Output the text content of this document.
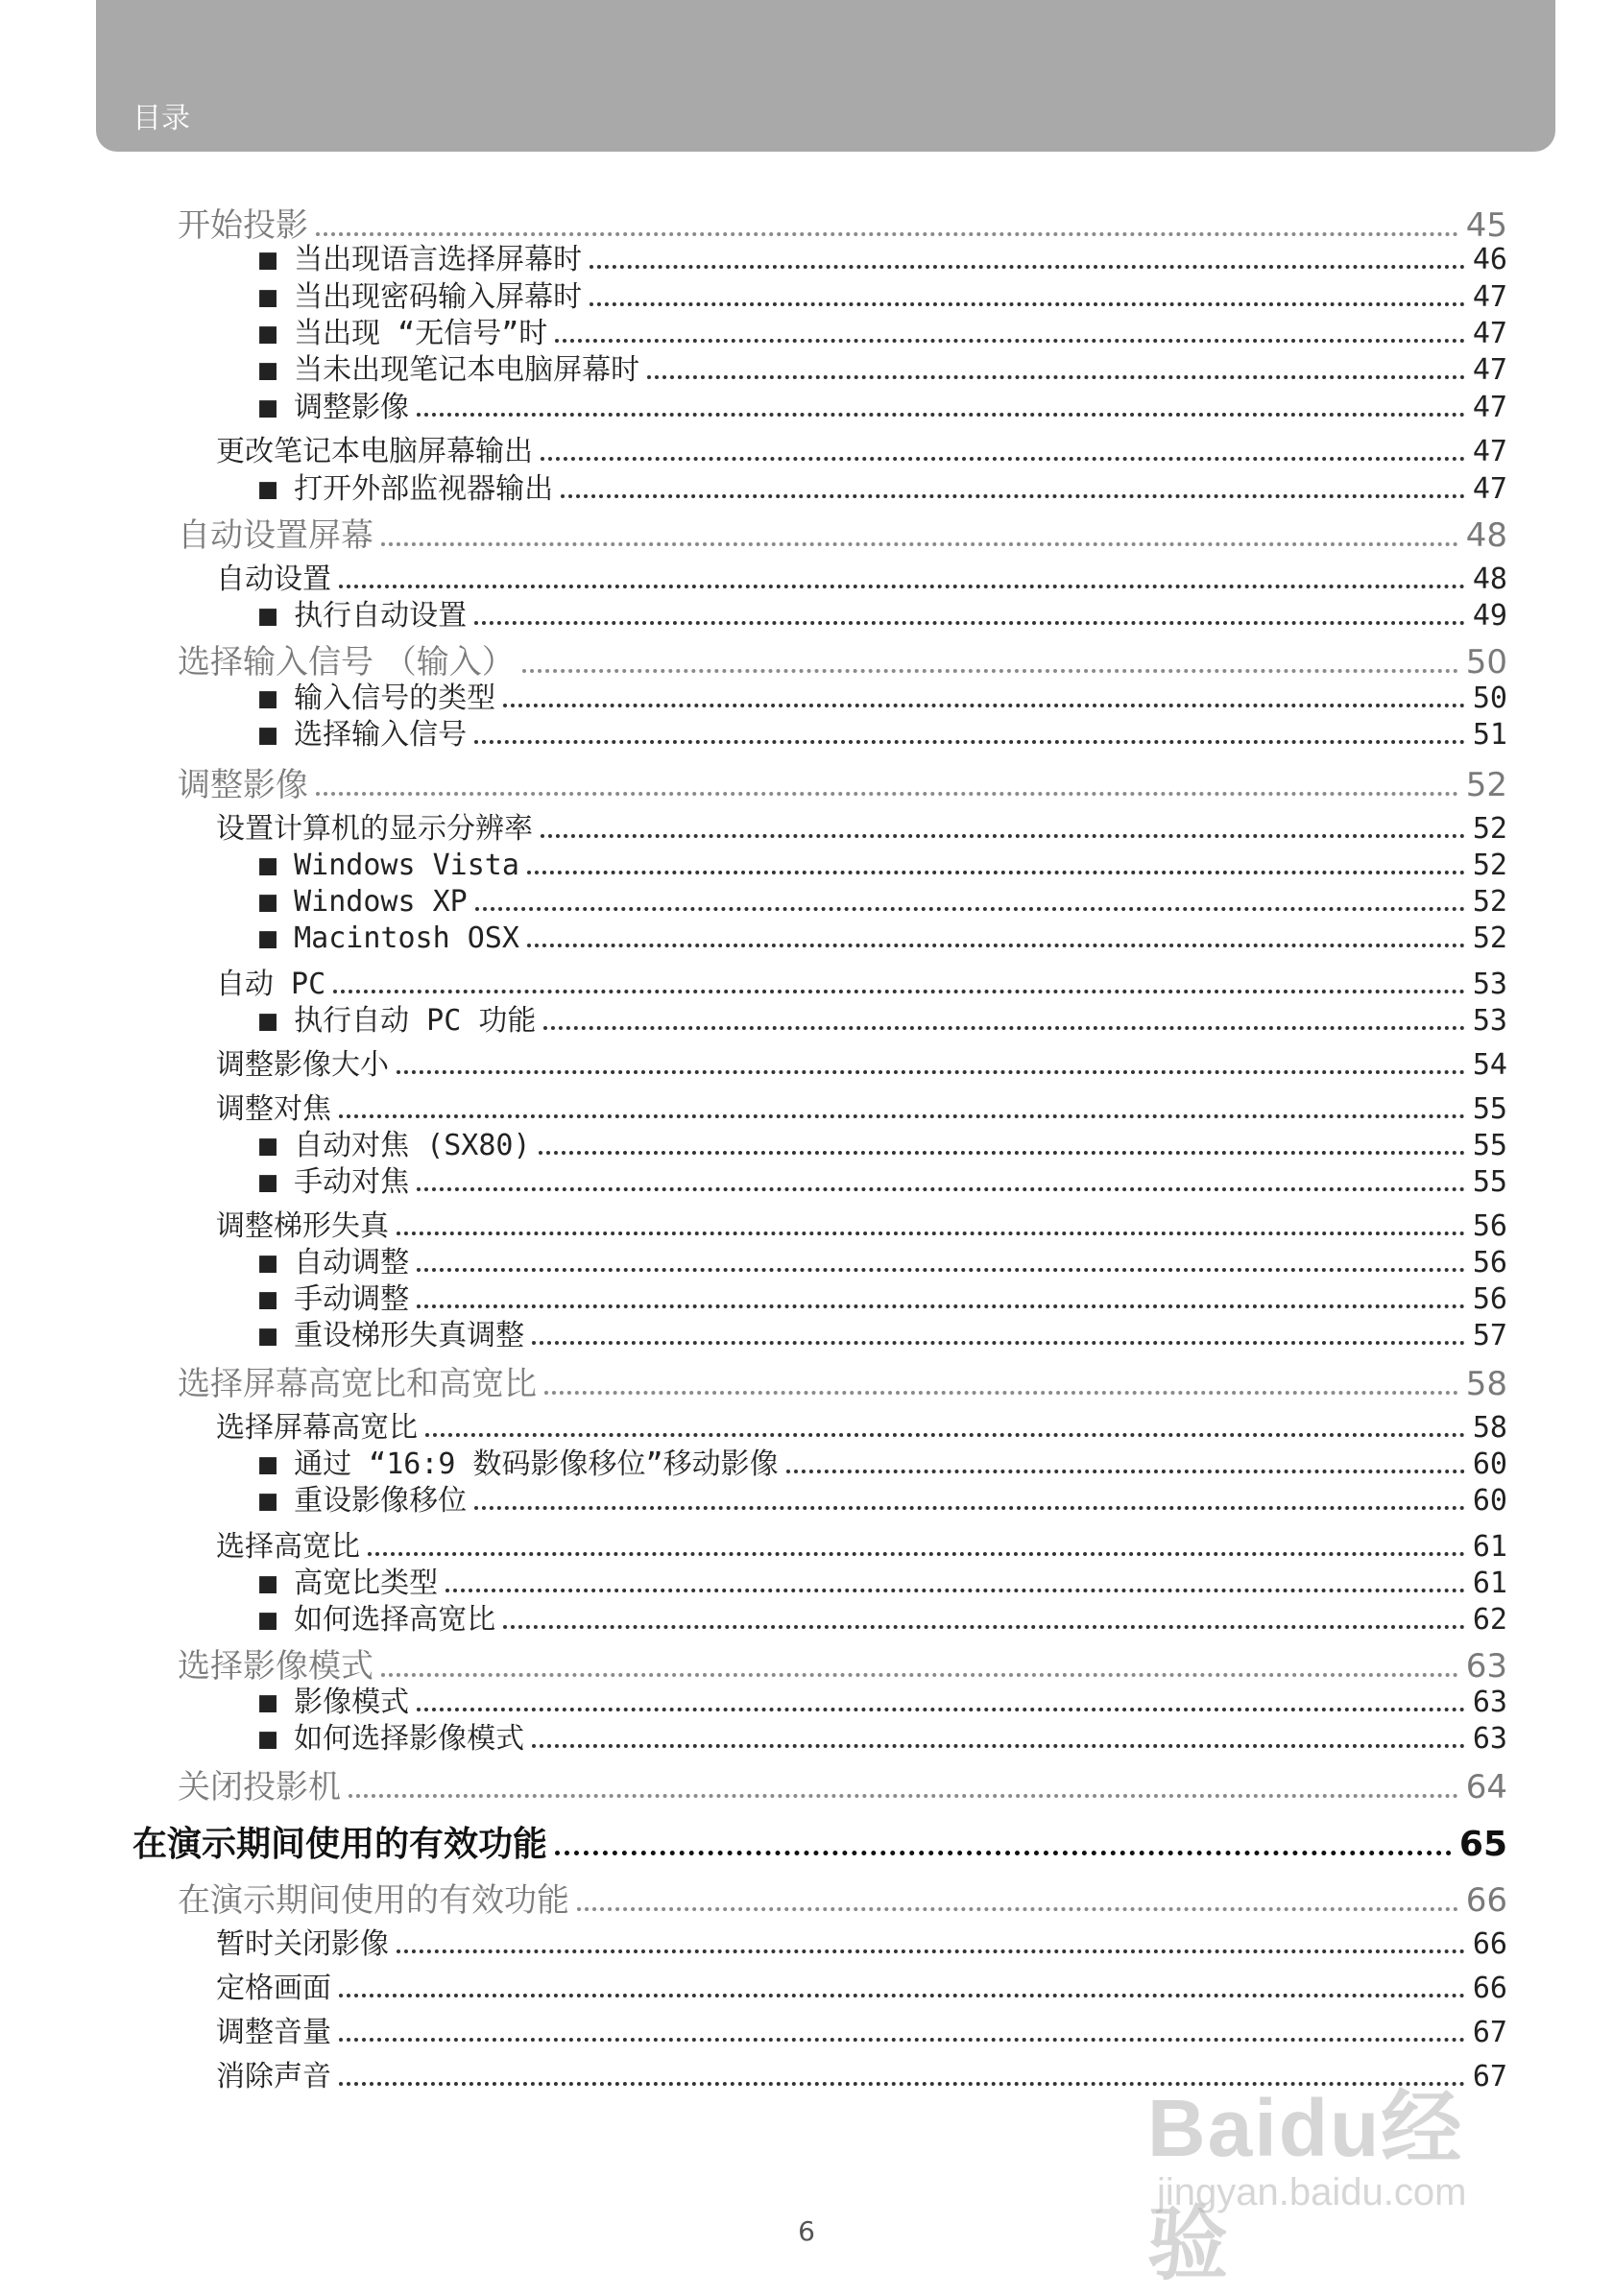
目录
开始投影	45
■ 当出现语言选择屏幕时	46
■ 当出现密码输入屏幕时	47
■ 当出现 “无信号”时	47
■ 当未出现笔记本电脑屏幕时	47
■ 调整影像	47
更改笔记本电脑屏幕输出	47
■ 打开外部监视器输出	47
自动设置屏幕	48
自动设置	48
■ 执行自动设置	49
选择输入信号 （输入）	50
■ 输入信号的类型	50
■ 选择输入信号	51
调整影像	52
设置计算机的显示分辨率	52
■ Windows Vista	52
■ Windows XP	52
■ Macintosh OSX	52
自动 PC	53
■ 执行自动 PC 功能	53
调整影像大小	54
调整对焦	55
■ 自动对焦 (SX80)	55
■ 手动对焦	55
调整梯形失真	56
■ 自动调整	56
■ 手动调整	56
■ 重设梯形失真调整	57
选择屏幕高宽比和高宽比	58
选择屏幕高宽比	58
■ 通过 “16:9 数码影像移位”移动影像	60
■ 重设影像移位	60
选择高宽比	61
■ 高宽比类型	61
■ 如何选择高宽比	62
选择影像模式	63
■ 影像模式	63
■ 如何选择影像模式	63
关闭投影机	64
在演示期间使用的有效功能	65
在演示期间使用的有效功能	66
暂时关闭影像	66
定格画面	66
调整音量	67
消除声音	67
6
Baidu经验
jingyan.baidu.com
